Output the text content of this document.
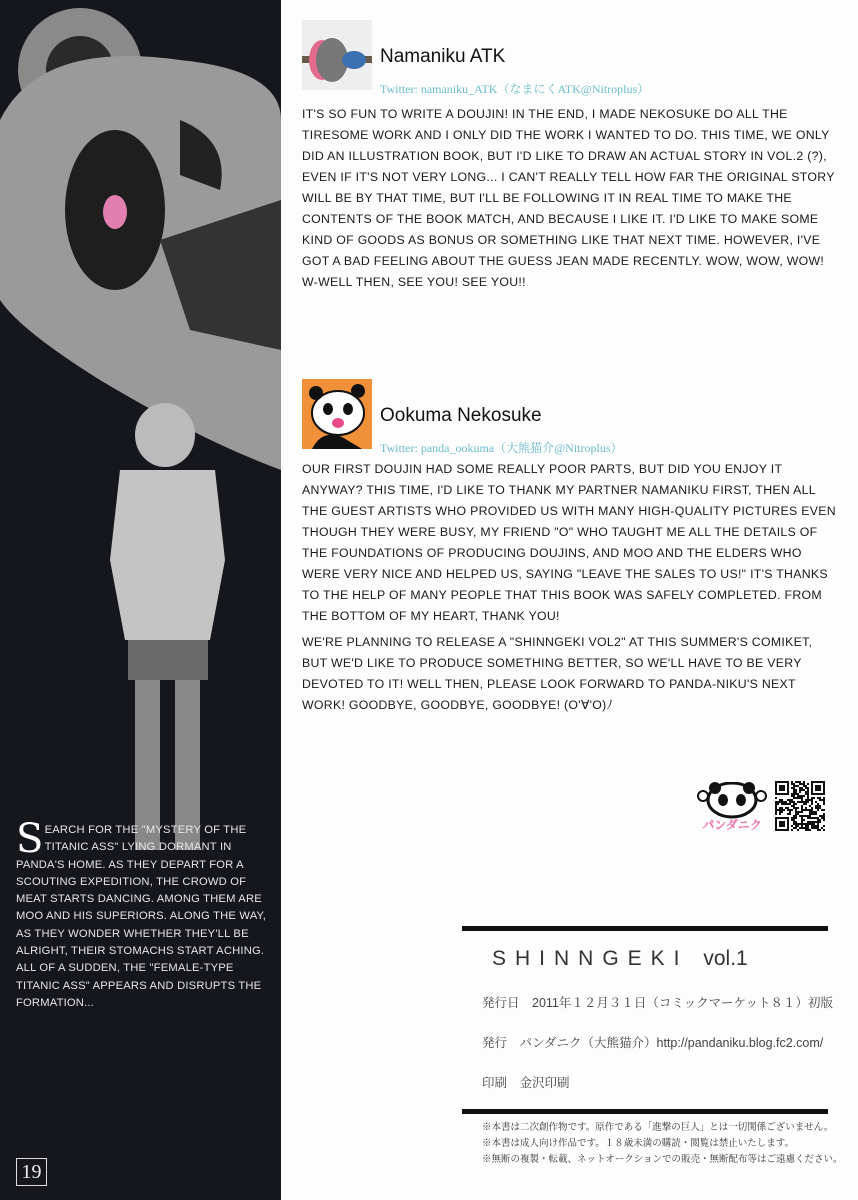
SEARCH FOR THE "MYSTERY OF THE TITANIC ASS" LYING DORMANT IN PANDA'S HOME. AS THEY DEPART FOR A SCOUTING EXPEDITION, THE CROWD OF MEAT STARTS DANCING. AMONG THEM ARE MOO AND HIS SUPERIORS. ALONG THE WAY, AS THEY WONDER WHETHER THEY'LL BE ALRIGHT, THEIR STOMACHS START ACHING. ALL OF A SUDDEN, THE "FEMALE-TYPE TITANIC ASS" APPEARS AND DISRUPTS THE FORMATION...
19
Namaniku ATK
Twitter: namaniku_ATK（なまにくATK@Nitroplus）

IT'S SO FUN TO WRITE A DOUJIN! IN THE END, I MADE NEKOSUKE DO ALL THE TIRESOME WORK AND I ONLY DID THE WORK I WANTED TO DO. THIS TIME, WE ONLY DID AN ILLUSTRATION BOOK, BUT I'D LIKE TO DRAW AN ACTUAL STORY IN VOL.2 (?), EVEN IF IT'S NOT VERY LONG... I CAN'T REALLY TELL HOW FAR THE ORIGINAL STORY WILL BE BY THAT TIME, BUT I'LL BE FOLLOWING IT IN REAL TIME TO MAKE THE CONTENTS OF THE BOOK MATCH, AND BECAUSE I LIKE IT. I'D LIKE TO MAKE SOME KIND OF GOODS AS BONUS OR SOMETHING LIKE THAT NEXT TIME. HOWEVER, I'VE GOT A BAD FEELING ABOUT THE GUESS JEAN MADE RECENTLY. WOW, WOW, WOW! W-WELL THEN, SEE YOU! SEE YOU!!

Ookuma Nekosuke
Twitter: panda_ookuma（大熊猫介@Nitroplus）

OUR FIRST DOUJIN HAD SOME REALLY POOR PARTS, BUT DID YOU ENJOY IT ANYWAY? THIS TIME, I'D LIKE TO THANK MY PARTNER NAMANIKU FIRST, THEN ALL THE GUEST ARTISTS WHO PROVIDED US WITH MANY HIGH-QUALITY PICTURES EVEN THOUGH THEY WERE BUSY, MY FRIEND "O" WHO TAUGHT ME ALL THE DETAILS OF THE FOUNDATIONS OF PRODUCING DOUJINS, AND MOO AND THE ELDERS WHO WERE VERY NICE AND HELPED US, SAYING "LEAVE THE SALES TO US!" IT'S THANKS TO THE HELP OF MANY PEOPLE THAT THIS BOOK WAS SAFELY COMPLETED. FROM THE BOTTOM OF MY HEART, THANK YOU!

WE'RE PLANNING TO RELEASE A "SHINNGEKI VOL2" AT THIS SUMMER'S COMIKET, BUT WE'D LIKE TO PRODUCE SOMETHING BETTER, SO WE'LL HAVE TO BE VERY DEVOTED TO IT! WELL THEN, PLEASE LOOK FORWARD TO PANDA-NIKU'S NEXT WORK! GOODBYE, GOODBYE, GOODBYE! (O'∀'O)ﾉ

パンダニク
SHINNGEKI vol.1
発行日　2011年１２月３１日（コミックマーケット８１）初版
発行　パンダニク（大熊猫介）http://pandaniku.blog.fc2.com/
印刷　金沢印刷
※本書は二次創作物です。原作である「進撃の巨人」とは一切関係ございません。
※本書は成人向け作品です。１８歳未満の購読・閲覧は禁止いたします。
※無断の複製・転載、ネットオークションでの販売・無断配布等はご遠慮ください。
